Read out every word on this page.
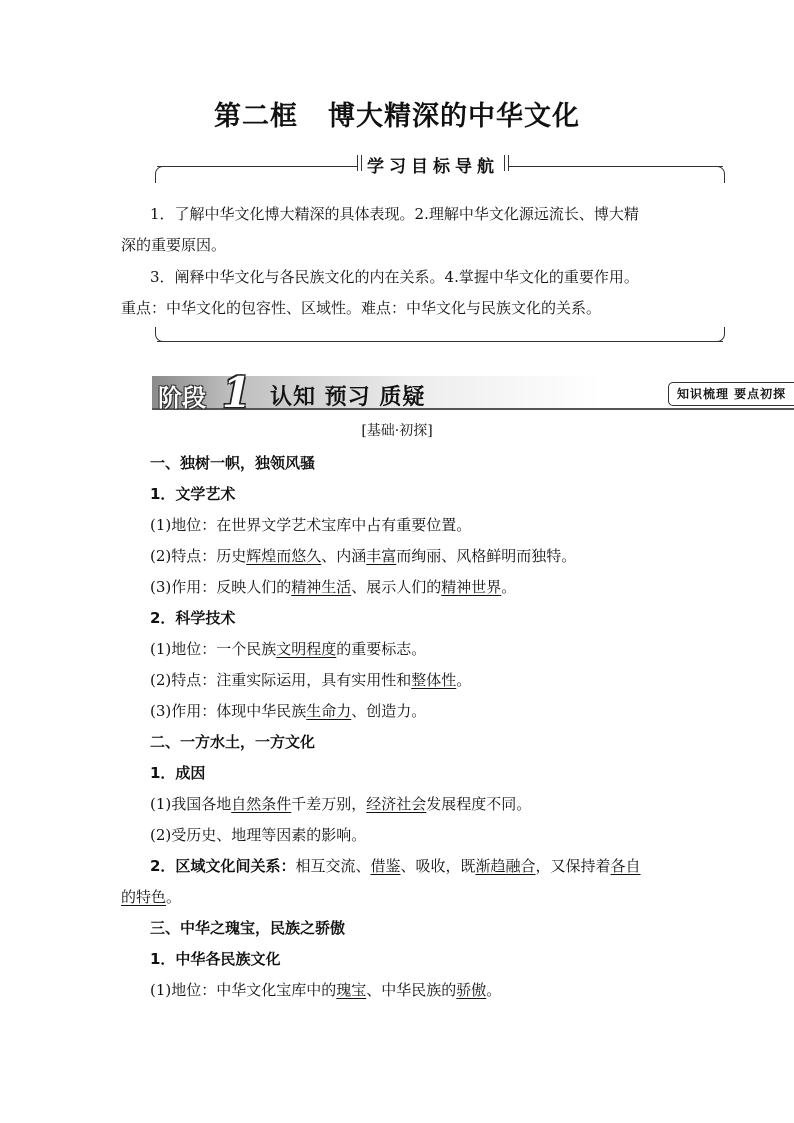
第二框 博大精深的中华文化
学习目标导航
1．了解中华文化博大精深的具体表现。2.理解中华文化源远流长、博大精
深的重要原因。
3．阐释中华文化与各民族文化的内在关系。4.掌握中华文化的重要作用。
重点：中华文化的包容性、区域性。难点：中华文化与民族文化的关系。
阶段 1 认知 预习 质疑	知识梳理 要点初探
[基础·初探]
一、独树一帜，独领风骚
1．文学艺术
(1)地位：在世界文学艺术宝库中占有重要位置。
(2)特点：历史辉煌而悠久、内涵丰富而绚丽、风格鲜明而独特。
(3)作用：反映人们的精神生活、展示人们的精神世界。
2．科学技术
(1)地位：一个民族文明程度的重要标志。
(2)特点：注重实际运用，具有实用性和整体性。
(3)作用：体现中华民族生命力、创造力。
二、一方水土，一方文化
1．成因
(1)我国各地自然条件千差万别，经济社会发展程度不同。
(2)受历史、地理等因素的影响。
2．区域文化间关系：相互交流、借鉴、吸收，既渐趋融合，又保持着各自
的特色。
三、中华之瑰宝，民族之骄傲
1．中华各民族文化
(1)地位：中华文化宝库中的瑰宝、中华民族的骄傲。
